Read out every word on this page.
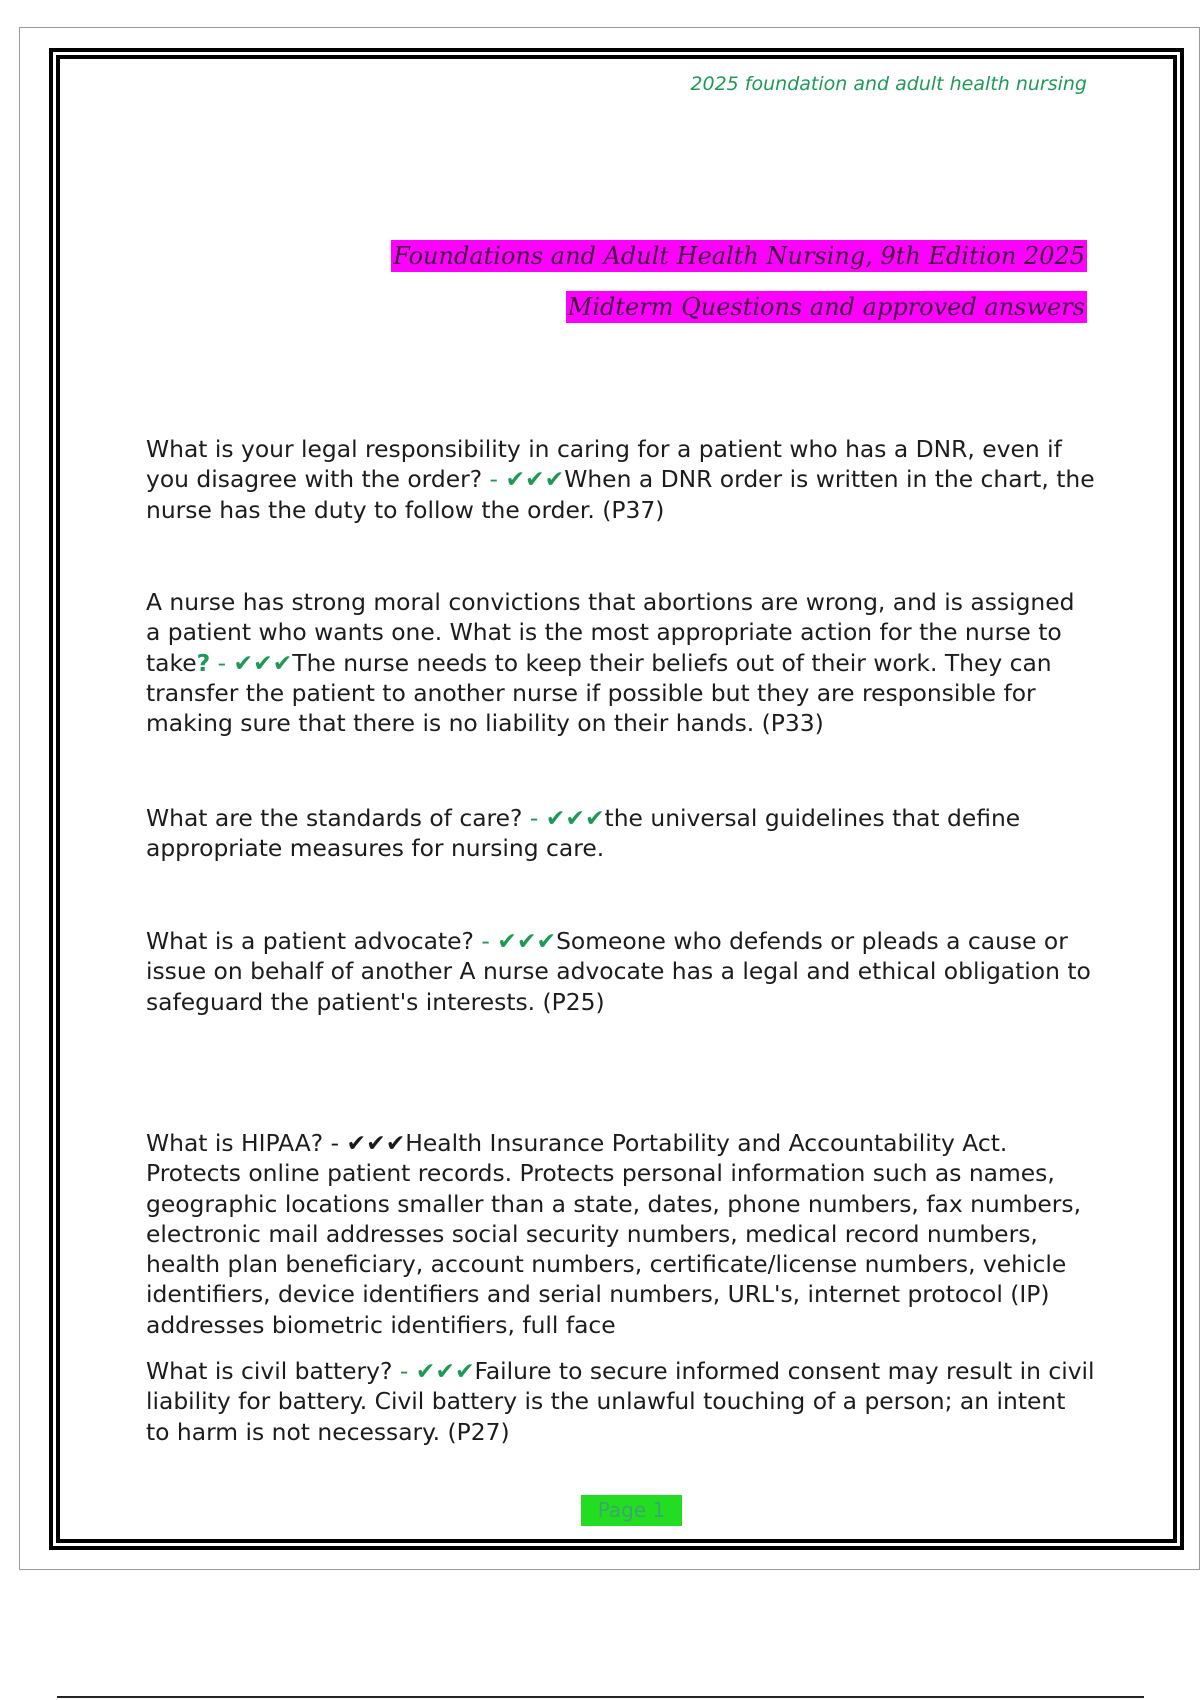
2025 foundation and adult health nursing
Foundations and Adult Health Nursing, 9th Edition 2025
Midterm Questions and approved answers

What is your legal responsibility in caring for a patient who has a DNR, even if you disagree with the order? - ✔✔✔When a DNR order is written in the chart, the nurse has the duty to follow the order. (P37)

A nurse has strong moral convictions that abortions are wrong, and is assigned a patient who wants one. What is the most appropriate action for the nurse to take? - ✔✔✔The nurse needs to keep their beliefs out of their work. They can transfer the patient to another nurse if possible but they are responsible for making sure that there is no liability on their hands. (P33)

What are the standards of care? - ✔✔✔the universal guidelines that define appropriate measures for nursing care.

What is a patient advocate? - ✔✔✔Someone who defends or pleads a cause or issue on behalf of another A nurse advocate has a legal and ethical obligation to safeguard the patient's interests. (P25)

What is HIPAA? - ✔✔✔Health Insurance Portability and Accountability Act. Protects online patient records. Protects personal information such as names, geographic locations smaller than a state, dates, phone numbers, fax numbers, electronic mail addresses social security numbers, medical record numbers, health plan beneficiary, account numbers, certificate/license numbers, vehicle identifiers, device identifiers and serial numbers, URL's, internet protocol (IP) addresses biometric identifiers, full face

What is civil battery? - ✔✔✔Failure to secure informed consent may result in civil liability for battery. Civil battery is the unlawful touching of a person; an intent to harm is not necessary. (P27)

Page 1
